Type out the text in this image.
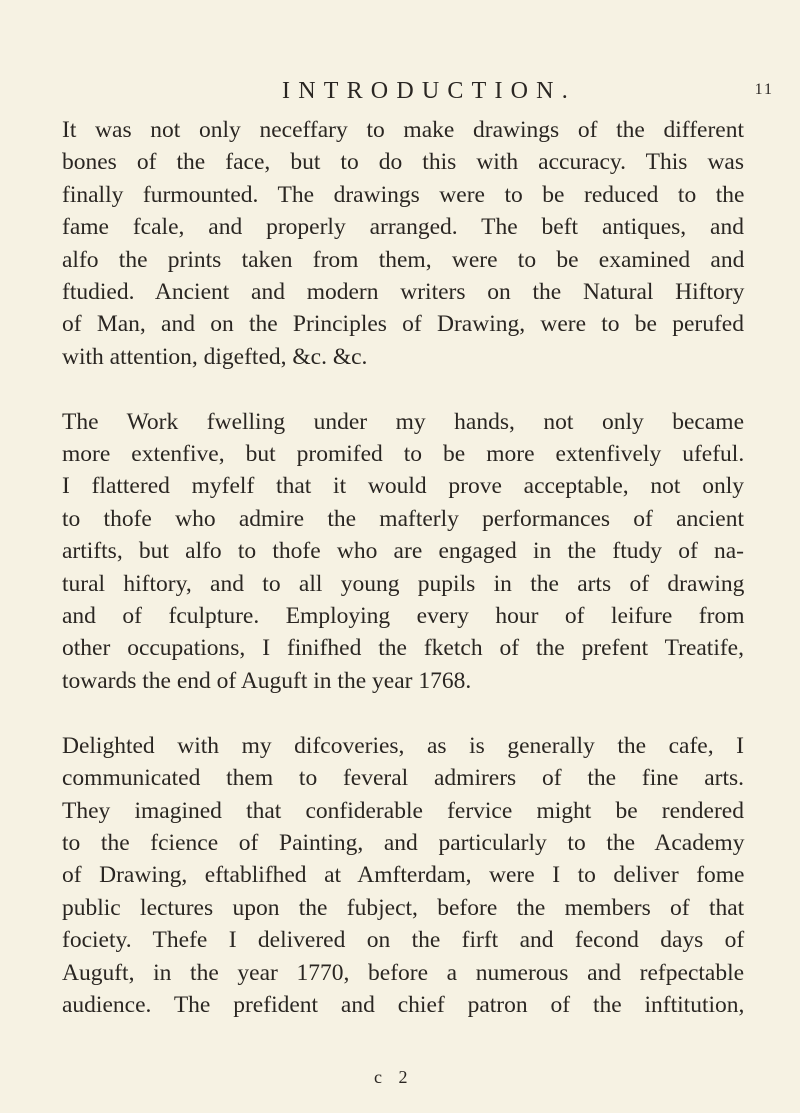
INTRODUCTION.	11

It was not only neceffary to make drawings of the different
bones of the face, but to do this with accuracy. This was
finally furmounted. The drawings were to be reduced to the
fame fcale, and properly arranged. The beft antiques, and
alfo the prints taken from them, were to be examined and
ftudied. Ancient and modern writers on the Natural Hiftory
of Man, and on the Principles of Drawing, were to be perufed
with attention, digefted, &c. &c.

The Work fwelling under my hands, not only became
more extenfive, but promifed to be more extenfively ufeful.
I flattered myfelf that it would prove acceptable, not only
to thofe who admire the mafterly performances of ancient
artifts, but alfo to thofe who are engaged in the ftudy of na-
tural hiftory, and to all young pupils in the arts of drawing
and of fculpture. Employing every hour of leifure from
other occupations, I finifhed the fketch of the prefent Treatife,
towards the end of Auguft in the year 1768.

Delighted with my difcoveries, as is generally the cafe, I
communicated them to feveral admirers of the fine arts.
They imagined that confiderable fervice might be rendered
to the fcience of Painting, and particularly to the Academy
of Drawing, eftablifhed at Amfterdam, were I to deliver fome
public lectures upon the fubject, before the members of that
fociety. Thefe I delivered on the firft and fecond days of
Auguft, in the year 1770, before a numerous and refpectable
audience. The prefident and chief patron of the inftitution,

c 2
